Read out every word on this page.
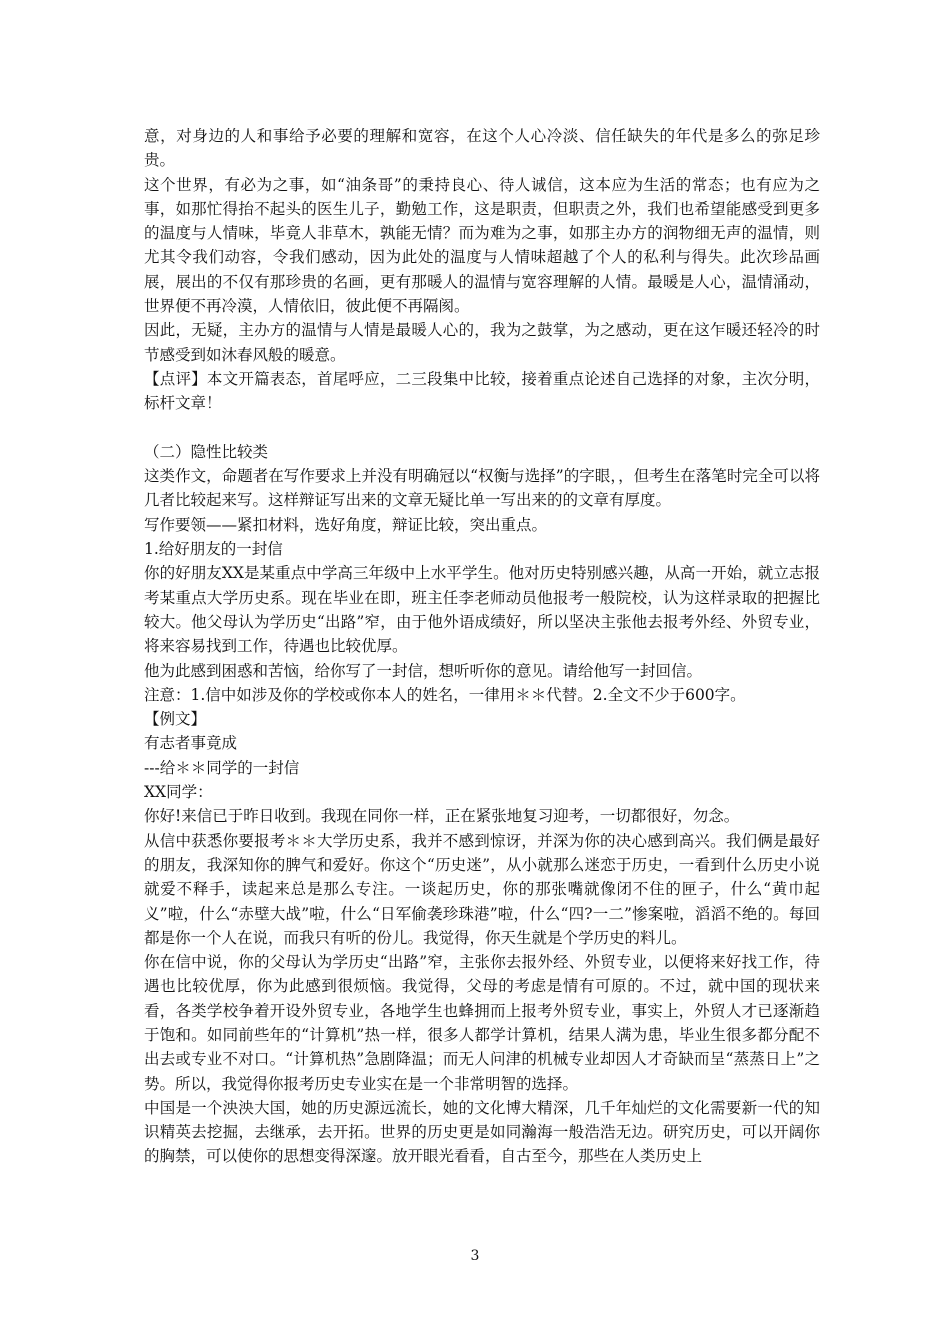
意，对身边的人和事给予必要的理解和宽容，在这个人心冷淡、信任缺失的年代是多么的弥足珍贵。

这个世界，有必为之事，如“油条哥”的秉持良心、待人诚信，这本应为生活的常态；也有应为之事，如那忙得抬不起头的医生儿子，勤勉工作，这是职责，但职责之外，我们也希望能感受到更多的温度与人情味，毕竟人非草木，孰能无情？而为难为之事，如那主办方的润物细无声的温情，则尤其令我们动容，令我们感动，因为此处的温度与人情味超越了个人的私利与得失。此次珍品画展，展出的不仅有那珍贵的名画，更有那暖人的温情与宽容理解的人情。最暖是人心，温情涌动，世界便不再冷漠，人情依旧，彼此便不再隔阂。

因此，无疑，主办方的温情与人情是最暖人心的，我为之鼓掌，为之感动，更在这乍暖还轻冷的时节感受到如沐春风般的暖意。

【点评】本文开篇表态，首尾呼应，二三段集中比较，接着重点论述自己选择的对象，主次分明，标杆文章！

（二）隐性比较类

这类作文，命题者在写作要求上并没有明确冠以“权衡与选择”的字眼，，但考生在落笔时完全可以将几者比较起来写。这样辩证写出来的文章无疑比单一写出来的的文章有厚度。

写作要领——紧扣材料，选好角度，辩证比较，突出重点。

1.给好朋友的一封信

你的好朋友XX是某重点中学高三年级中上水平学生。他对历史特别感兴趣，从高一开始，就立志报考某重点大学历史系。现在毕业在即，班主任李老师动员他报考一般院校，认为这样录取的把握比较大。他父母认为学历史“出路”窄，由于他外语成绩好，所以坚决主张他去报考外经、外贸专业，将来容易找到工作，待遇也比较优厚。

他为此感到困惑和苦恼，给你写了一封信，想听听你的意见。请给他写一封回信。

注意：1.信中如涉及你的学校或你本人的姓名，一律用＊＊代替。2.全文不少于600字。

【例文】

有志者事竟成

---给＊＊同学的一封信

XX同学：

你好!来信已于昨日收到。我现在同你一样，正在紧张地复习迎考，一切都很好，勿念。

从信中获悉你要报考＊＊大学历史系，我并不感到惊讶，并深为你的决心感到高兴。我们俩是最好的朋友，我深知你的脾气和爱好。你这个“历史迷”，从小就那么迷恋于历史，一看到什么历史小说就爱不释手，读起来总是那么专注。一谈起历史，你的那张嘴就像闭不住的匣子，什么“黄巾起义”啦，什么“赤壁大战”啦，什么“日军偷袭珍珠港”啦，什么“四?一二”惨案啦，滔滔不绝的。每回都是你一个人在说，而我只有听的份儿。我觉得，你天生就是个学历史的料儿。

你在信中说，你的父母认为学历史“出路”窄，主张你去报外经、外贸专业，以便将来好找工作，待遇也比较优厚，你为此感到很烦恼。我觉得，父母的考虑是情有可原的。不过，就中国的现状来看，各类学校争着开设外贸专业，各地学生也蜂拥而上报考外贸专业，事实上，外贸人才已逐渐趋于饱和。如同前些年的“计算机”热一样，很多人都学计算机，结果人满为患，毕业生很多都分配不出去或专业不对口。“计算机热”急剧降温；而无人问津的机械专业却因人才奇缺而呈“蒸蒸日上”之势。所以，我觉得你报考历史专业实在是一个非常明智的选择。

中国是一个泱泱大国，她的历史源远流长，她的文化博大精深，几千年灿烂的文化需要新一代的知识精英去挖掘，去继承，去开拓。世界的历史更是如同瀚海一般浩浩无边。研究历史，可以开阔你的胸禁，可以使你的思想变得深邃。放开眼光看看，自古至今，那些在人类历史上

3
